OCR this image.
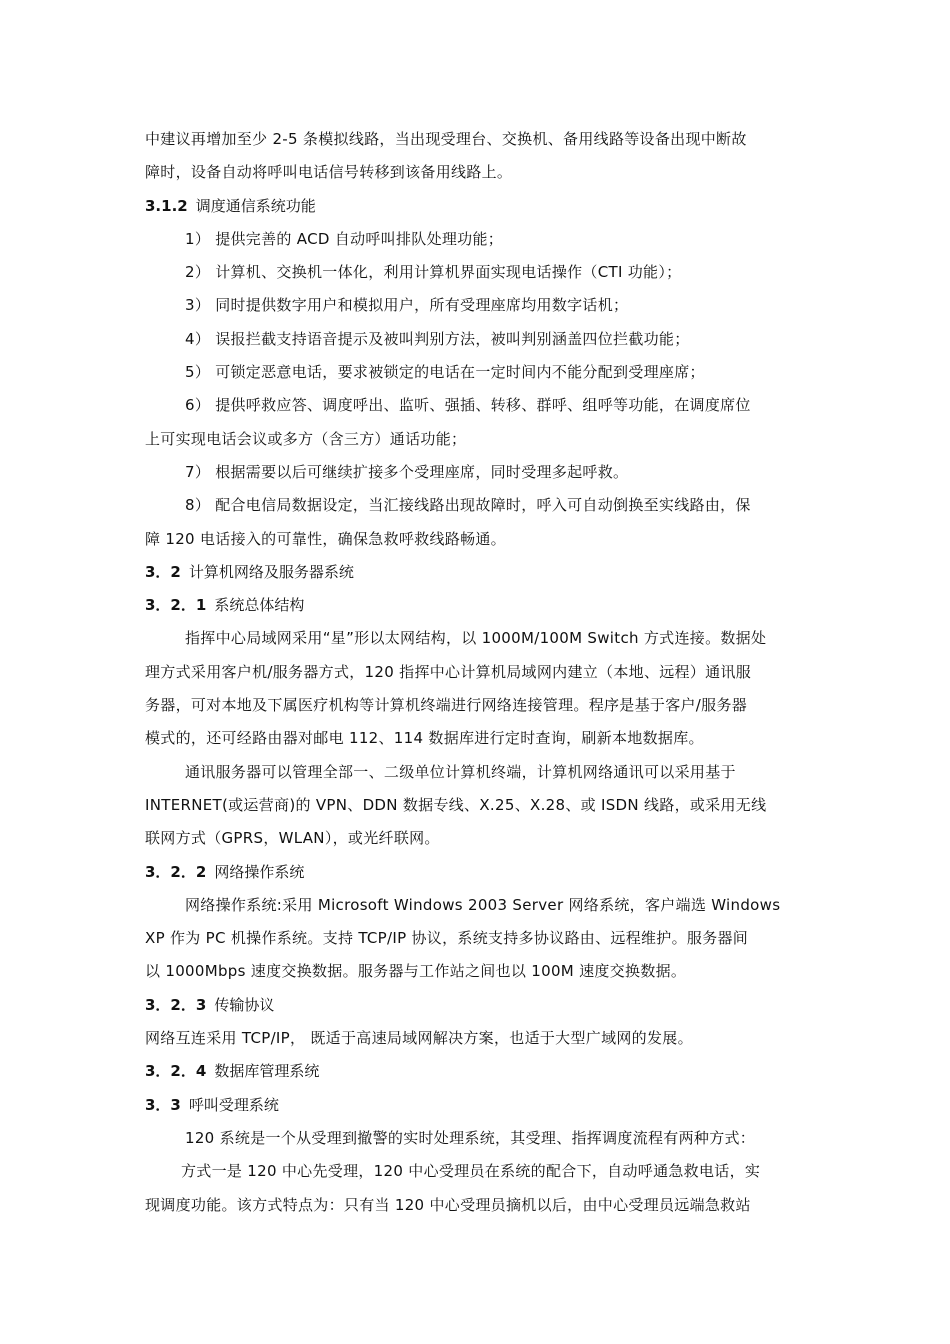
中建议再增加至少 2-5 条模拟线路，当出现受理台、交换机、备用线路等设备出现中断故
障时，设备自动将呼叫电话信号转移到该备用线路上。
3.1.2 调度通信系统功能
1） 提供完善的 ACD 自动呼叫排队处理功能；
2） 计算机、交换机一体化，利用计算机界面实现电话操作（CTI 功能）；
3） 同时提供数字用户和模拟用户，所有受理座席均用数字话机；
4） 误报拦截支持语音提示及被叫判别方法，被叫判别涵盖四位拦截功能；
5） 可锁定恶意电话，要求被锁定的电话在一定时间内不能分配到受理座席；
6） 提供呼救应答、调度呼出、监听、强插、转移、群呼、组呼等功能，在调度席位
上可实现电话会议或多方（含三方）通话功能；
7） 根据需要以后可继续扩接多个受理座席，同时受理多起呼救。
8） 配合电信局数据设定，当汇接线路出现故障时，呼入可自动倒换至实线路由，保
障 120 电话接入的可靠性，确保急救呼救线路畅通。
3．2 计算机网络及服务器系统
3．2．1 系统总体结构
指挥中心局域网采用“星”形以太网结构，以 1000M/100M Switch 方式连接。数据处
理方式采用客户机/服务器方式，120 指挥中心计算机局域网内建立（本地、远程）通讯服
务器，可对本地及下属医疗机构等计算机终端进行网络连接管理。程序是基于客户/服务器
模式的，还可经路由器对邮电 112、114 数据库进行定时查询，刷新本地数据库。
通讯服务器可以管理全部一、二级单位计算机终端，计算机网络通讯可以采用基于
INTERNET(或运营商)的 VPN、DDN 数据专线、X.25、X.28、或 ISDN 线路，或采用无线
联网方式（GPRS，WLAN），或光纤联网。
3．2．2 网络操作系统
网络操作系统:采用 Microsoft Windows 2003 Server 网络系统，客户端选 Windows
XP 作为 PC 机操作系统。支持 TCP/IP 协议，系统支持多协议路由、远程维护。服务器间
以 1000Mbps 速度交换数据。服务器与工作站之间也以 100M 速度交换数据。
3．2．3 传输协议
网络互连采用 TCP/IP， 既适于高速局域网解决方案，也适于大型广域网的发展。
3．2．4 数据库管理系统
3．3 呼叫受理系统
120 系统是一个从受理到撤警的实时处理系统，其受理、指挥调度流程有两种方式：
方式一是 120 中心先受理，120 中心受理员在系统的配合下，自动呼通急救电话，实
现调度功能。该方式特点为：只有当 120 中心受理员摘机以后，由中心受理员远端急救站
